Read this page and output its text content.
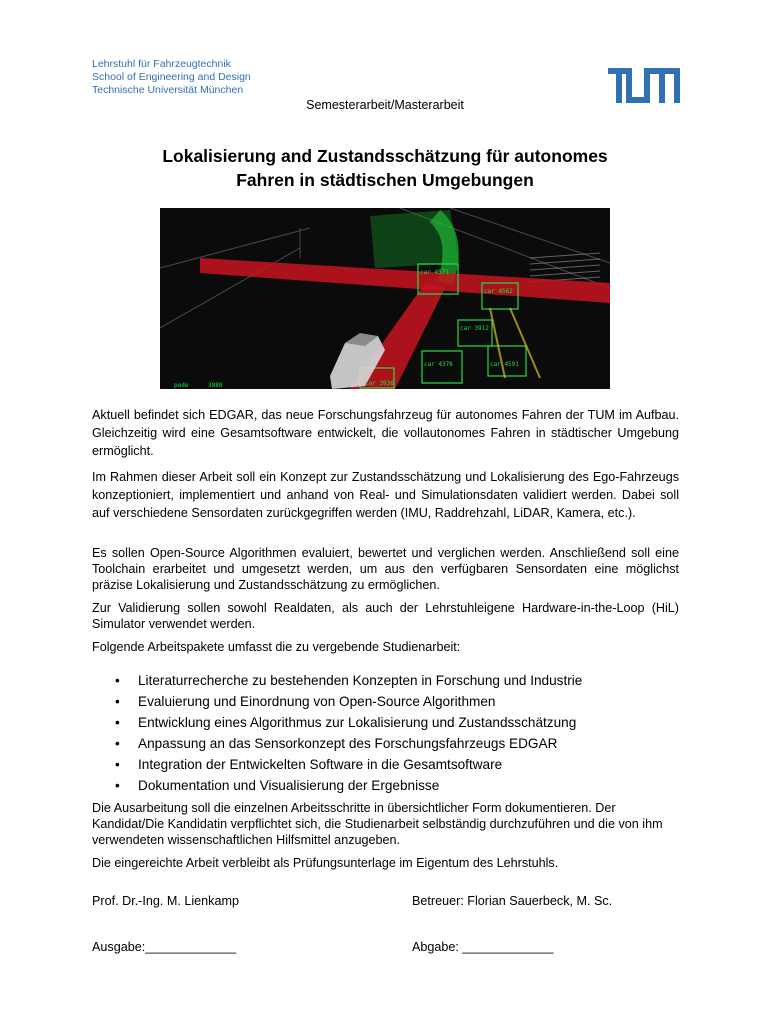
Lehrstuhl für Fahrzeugtechnik
School of Engineering and Design
Technische Universität München
Semesterarbeit/Masterarbeit
Lokalisierung and Zustandsschätzung für autonomes
Fahren in städtischen Umgebungen
car 4571
car 4562
car 3912
car 4376	car 4591
car 3936
pede	3888
Aktuell befindet sich EDGAR, das neue Forschungsfahrzeug für autonomes Fahren der TUM im Aufbau. Gleichzeitig wird eine Gesamtsoftware entwickelt, die vollautonomes Fahren in städtischer Umgebung ermöglicht.
Im Rahmen dieser Arbeit soll ein Konzept zur Zustandsschätzung und Lokalisierung des Ego-Fahrzeugs konzeptioniert, implementiert und anhand von Real- und Simulationsdaten validiert werden. Dabei soll auf verschiedene Sensordaten zurückgegriffen werden (IMU, Raddrehzahl, LiDAR, Kamera, etc.).
Es sollen Open-Source Algorithmen evaluiert, bewertet und verglichen werden. Anschließend soll eine Toolchain erarbeitet und umgesetzt werden, um aus den verfügbaren Sensordaten eine möglichst präzise Lokalisierung und Zustandsschätzung zu ermöglichen.
Zur Validierung sollen sowohl Realdaten, als auch der Lehrstuhleigene Hardware-in-the-Loop (HiL) Simulator verwendet werden.
Folgende Arbeitspakete umfasst die zu vergebende Studienarbeit:
• Literaturrecherche zu bestehenden Konzepten in Forschung und Industrie
• Evaluierung und Einordnung von Open-Source Algorithmen
• Entwicklung eines Algorithmus zur Lokalisierung und Zustandsschätzung
• Anpassung an das Sensorkonzept des Forschungsfahrzeugs EDGAR
• Integration der Entwickelten Software in die Gesamtsoftware
• Dokumentation und Visualisierung der Ergebnisse
Die Ausarbeitung soll die einzelnen Arbeitsschritte in übersichtlicher Form dokumentieren. Der Kandidat/Die Kandidatin verpflichtet sich, die Studienarbeit selbständig durchzuführen und die von ihm verwendeten wissenschaftlichen Hilfsmittel anzugeben.
Die eingereichte Arbeit verbleibt als Prüfungsunterlage im Eigentum des Lehrstuhls.
Prof. Dr.-Ing. M. Lienkamp	Betreuer: Florian Sauerbeck, M. Sc.
Ausgabe:_____________	Abgabe: _____________
